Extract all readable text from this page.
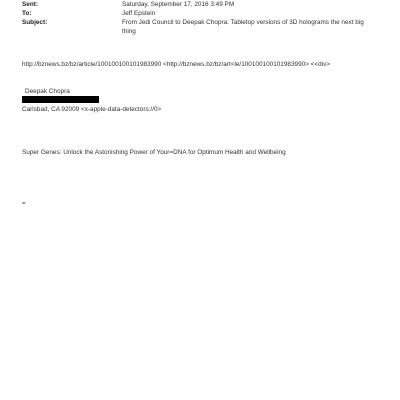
Sent:	Saturday, September 17, 2016 3:49 PM
To:	Jeff Epstein
Subject:	From Jedi Council to Deepak Chopra: Tabletop versions of 3D holograms the next big thing
http://bznews.bz/bz/article/100100100101983990 <http://bznews.bz/bz/art<le/100100100101983990> <<div>
Deepak Chopra
Carlsbad, CA 92009 <x-apple-data-detectors://0>
Super Genes: Unlock the Astonishing Power of Your=DNA for Optimum Health and Wellbeing
=
